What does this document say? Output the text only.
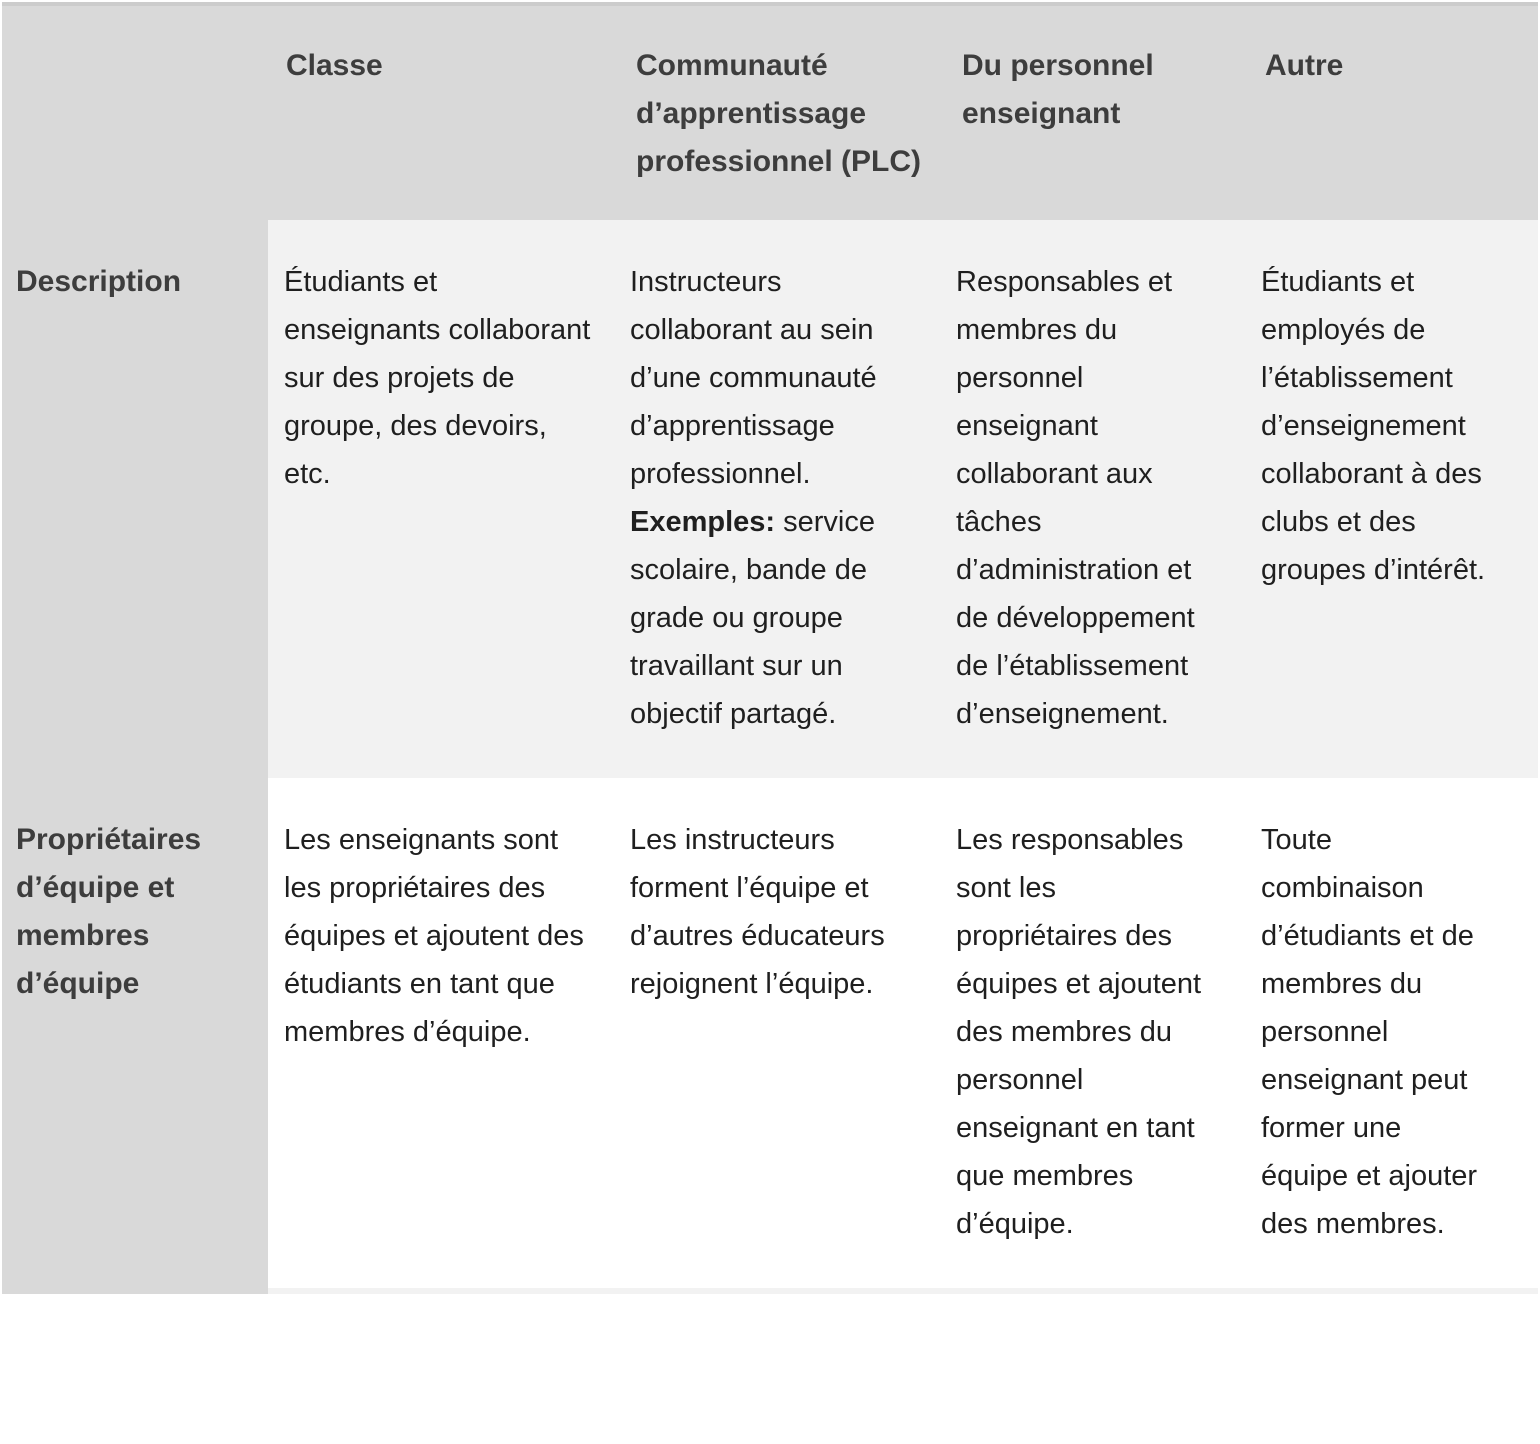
	Classe	Communauté d’apprentissage professionnel (PLC)	Du personnel enseignant	Autre
Description	Étudiants et enseignants collaborant sur des projets de groupe, des devoirs, etc.	Instructeurs collaborant au sein d’une communauté d’apprentissage professionnel. Exemples: service scolaire, bande de grade ou groupe travaillant sur un objectif partagé.	Responsables et membres du personnel enseignant collaborant aux tâches d’administration et de développement de l’établissement d’enseignement.	Étudiants et employés de l’établissement d’enseignement collaborant à des clubs et des groupes d’intérêt.

Propriétaires d’équipe et membres d’équipe	Les enseignants sont les propriétaires des équipes et ajoutent des étudiants en tant que membres d’équipe.	Les instructeurs forment l’équipe et d’autres éducateurs rejoignent l’équipe.	Les responsables sont les propriétaires des équipes et ajoutent des membres du personnel enseignant en tant que membres d’équipe.	Toute combinaison d’étudiants et de membres du personnel enseignant peut former une équipe et ajouter des membres.
